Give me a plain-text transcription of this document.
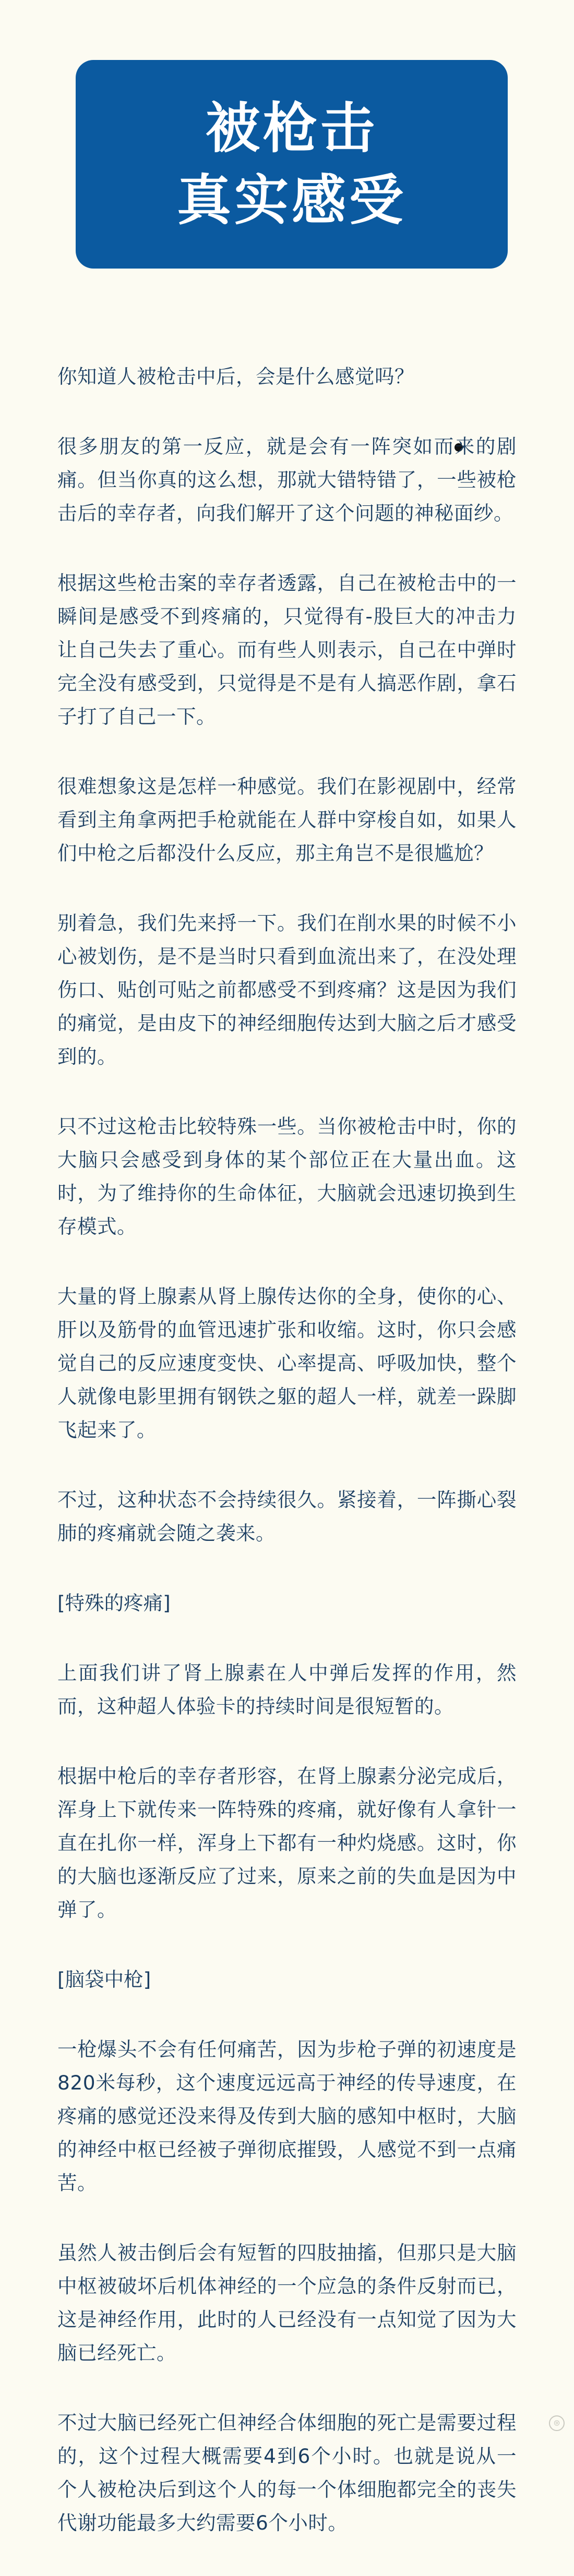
被枪击
真实感受

你知道人被枪击中后，会是什么感觉吗？

很多朋友的第一反应，就是会有一阵突如而来的剧痛。但当你真的这么想，那就大错特错了，一些被枪击后的幸存者，向我们解开了这个问题的神秘面纱。

根据这些枪击案的幸存者透露，自己在被枪击中的一瞬间是感受不到疼痛的，只觉得有-股巨大的冲击力让自己失去了重心。而有些人则表示，自己在中弹时完全没有感受到，只觉得是不是有人搞恶作剧，拿石子打了自己一下。

很难想象这是怎样一种感觉。我们在影视剧中，经常看到主角拿两把手枪就能在人群中穿梭自如，如果人们中枪之后都没什么反应，那主角岂不是很尴尬？

别着急，我们先来捋一下。我们在削水果的时候不小心被划伤，是不是当时只看到血流出来了，在没处理伤口、贴创可贴之前都感受不到疼痛？这是因为我们的痛觉，是由皮下的神经细胞传达到大脑之后才感受到的。

只不过这枪击比较特殊一些。当你被枪击中时，你的大脑只会感受到身体的某个部位正在大量出血。这时，为了维持你的生命体征，大脑就会迅速切换到生存模式。

大量的肾上腺素从肾上腺传达你的全身，使你的心、肝以及筋骨的血管迅速扩张和收缩。这时，你只会感觉自己的反应速度变快、心率提高、呼吸加快，整个人就像电影里拥有钢铁之躯的超人一样，就差一跺脚飞起来了。

不过，这种状态不会持续很久。紧接着，一阵撕心裂肺的疼痛就会随之袭来。

[特殊的疼痛]

上面我们讲了肾上腺素在人中弹后发挥的作用，然而，这种超人体验卡的持续时间是很短暂的。

根据中枪后的幸存者形容，在肾上腺素分泌完成后，浑身上下就传来一阵特殊的疼痛，就好像有人拿针一直在扎你一样，浑身上下都有一种灼烧感。这时，你的大脑也逐渐反应了过来，原来之前的失血是因为中弹了。

[脑袋中枪]

一枪爆头不会有任何痛苦，因为步枪子弹的初速度是820米每秒，这个速度远远高于神经的传导速度，在疼痛的感觉还没来得及传到大脑的感知中枢时，大脑的神经中枢已经被子弹彻底摧毁，人感觉不到一点痛苦。

虽然人被击倒后会有短暂的四肢抽搐，但那只是大脑中枢被破坏后机体神经的一个应急的条件反射而已，这是神经作用，此时的人已经没有一点知觉了因为大脑已经死亡。

不过大脑已经死亡但神经合体细胞的死亡是需要过程的，这个过程大概需要4到6个小时。也就是说从一个人被枪决后到这个人的每一个体细胞都完全的丧失代谢功能最多大约需要6个小时。

◎
